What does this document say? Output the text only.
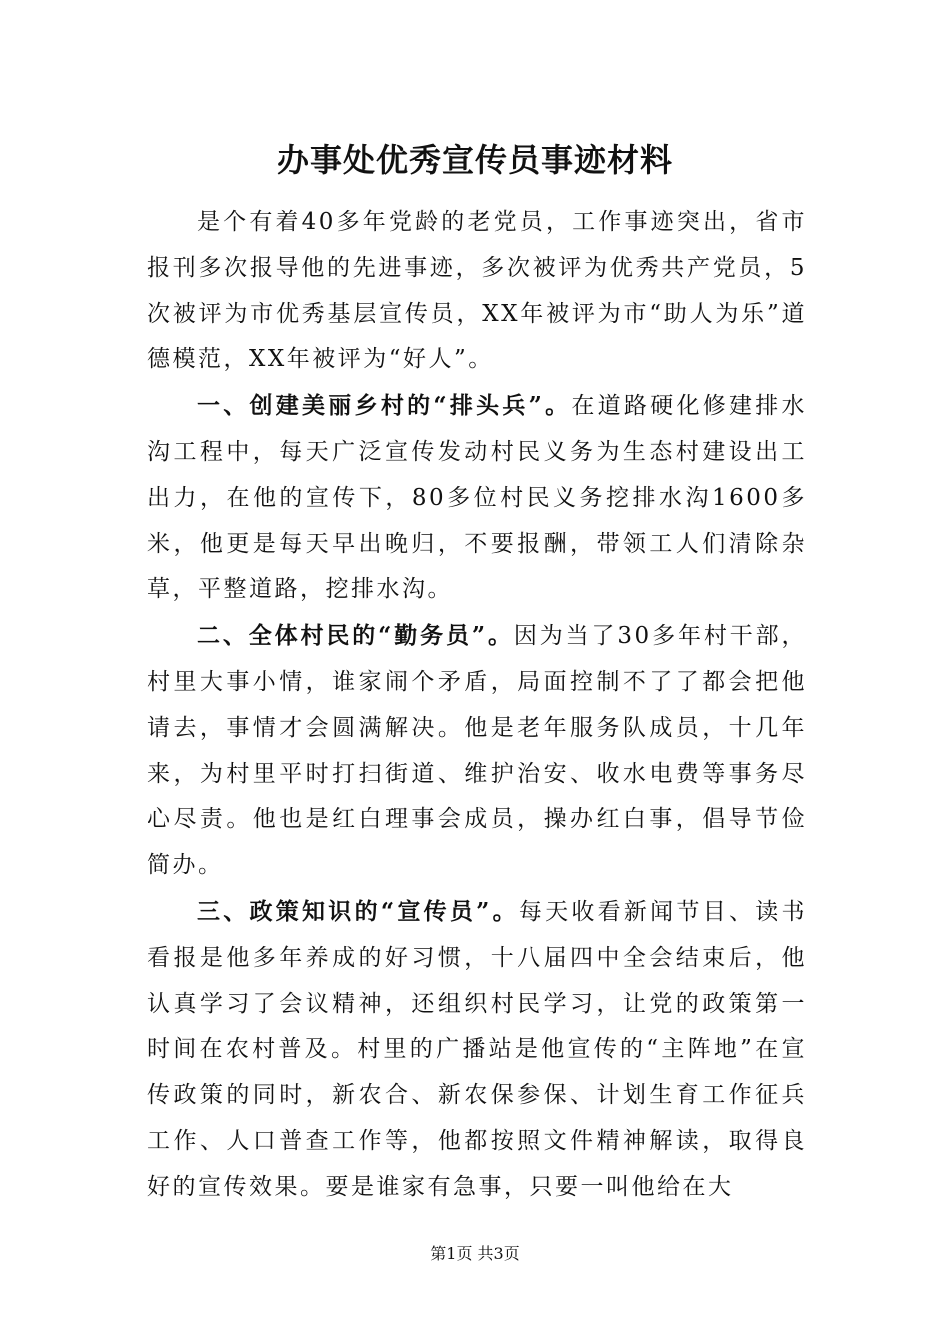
办事处优秀宣传员事迹材料

是个有着40多年党龄的老党员，工作事迹突出，省市报刊多次报导他的先进事迹，多次被评为优秀共产党员，5次被评为市优秀基层宣传员，XX年被评为市“助人为乐”道德模范，XX年被评为“好人”。

一、创建美丽乡村的“排头兵”。在道路硬化修建排水沟工程中，每天广泛宣传发动村民义务为生态村建设出工出力，在他的宣传下，80多位村民义务挖排水沟1600多米，他更是每天早出晚归，不要报酬，带领工人们清除杂草，平整道路，挖排水沟。

二、全体村民的“勤务员”。因为当了30多年村干部，村里大事小情，谁家闹个矛盾，局面控制不了了都会把他请去，事情才会圆满解决。他是老年服务队成员，十几年来，为村里平时打扫街道、维护治安、收水电费等事务尽心尽责。他也是红白理事会成员，操办红白事，倡导节俭简办。

三、政策知识的“宣传员”。每天收看新闻节目、读书看报是他多年养成的好习惯，十八届四中全会结束后，他认真学习了会议精神，还组织村民学习，让党的政策第一时间在农村普及。村里的广播站是他宣传的“主阵地”在宣传政策的同时，新农合、新农保参保、计划生育工作征兵工作、人口普查工作等，他都按照文件精神解读，取得良好的宣传效果。要是谁家有急事，只要一叫他给在大

第1页 共3页
